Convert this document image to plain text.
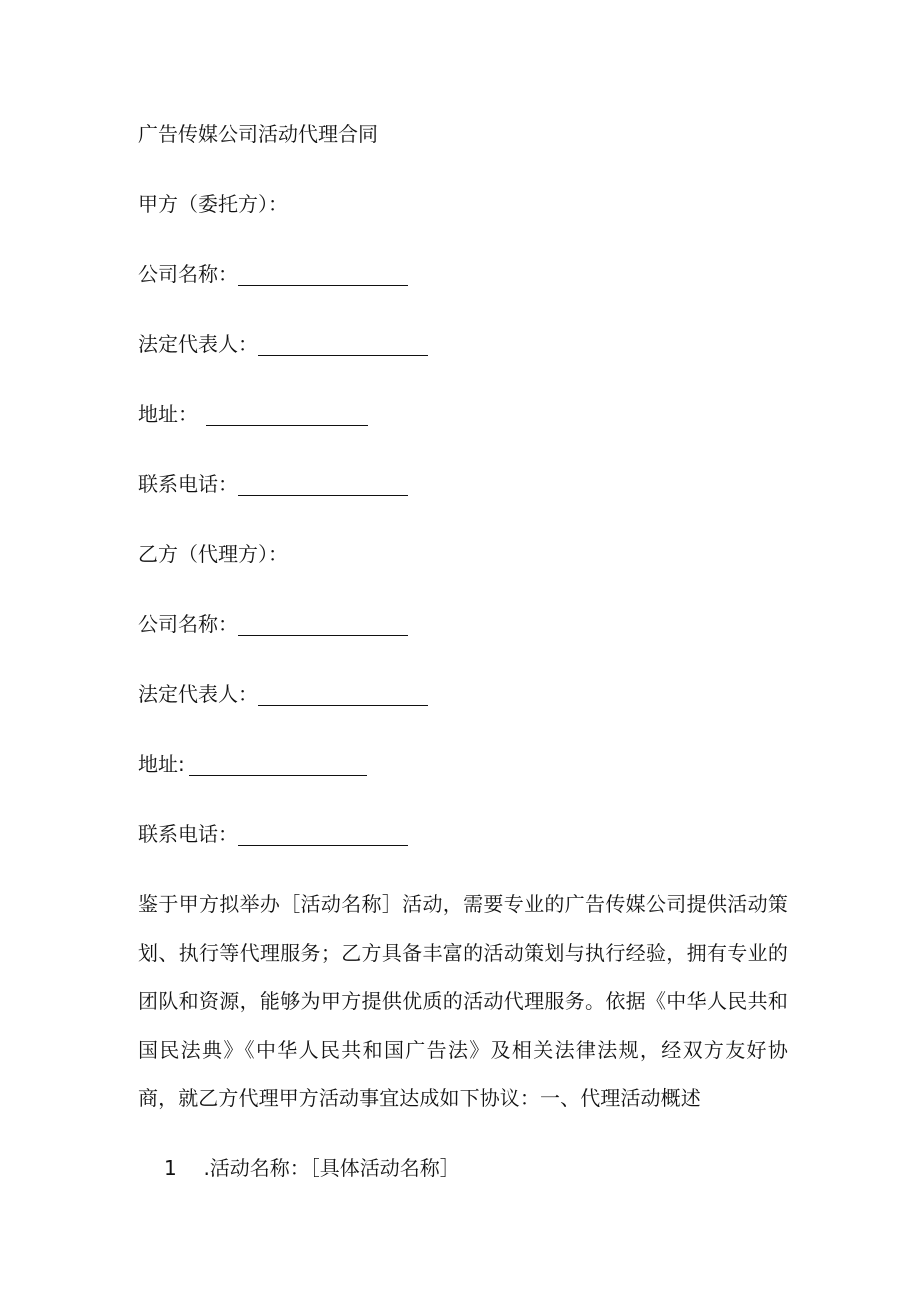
广告传媒公司活动代理合同
甲方（委托方）：
公司名称：
法定代表人：
地址：
联系电话：
乙方（代理方）：
公司名称：
法定代表人：
地址:
联系电话：
鉴于甲方拟举办［活动名称］活动，需要专业的广告传媒公司提供活动策划、执行等代理服务；乙方具备丰富的活动策划与执行经验，拥有专业的团队和资源，能够为甲方提供优质的活动代理服务。依据《中华人民共和国民法典》《中华人民共和国广告法》及相关法律法规，经双方友好协商，就乙方代理甲方活动事宜达成如下协议：一、代理活动概述
1 .活动名称：［具体活动名称］
